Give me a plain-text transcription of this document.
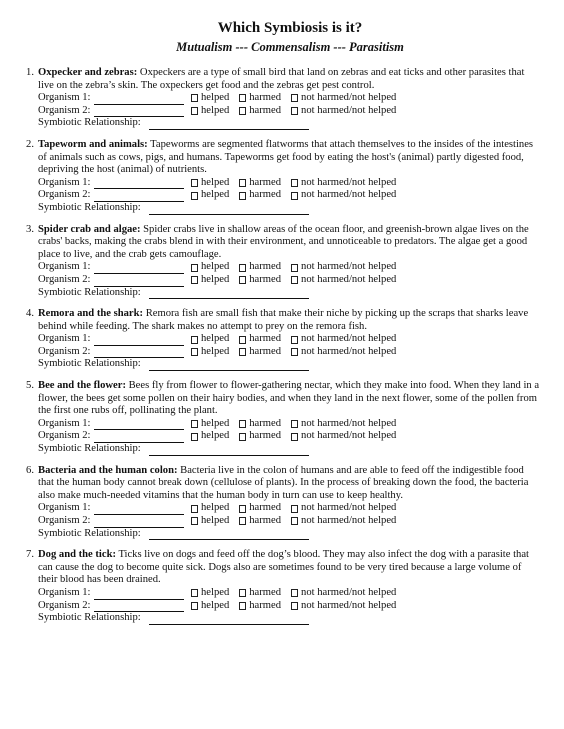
Which Symbiosis is it?
Mutualism --- Commensalism --- Parasitism
1. Oxpecker and zebras: Oxpeckers are a type of small bird that land on zebras and eat ticks and other parasites that live on the zebra’s skin. The oxpeckers get food and the zebras get pest control.
Organism 1:	helped harmed not harmed/not helped
Organism 2:	helped harmed not harmed/not helped
Symbiotic Relationship:
2. Tapeworm and animals: Tapeworms are segmented flatworms that attach themselves to the insides of the intestines of animals such as cows, pigs, and humans. Tapeworms get food by eating the host's (animal) partly digested food, depriving the host (animal) of nutrients.
Organism 1:	helped harmed not harmed/not helped
Organism 2:	helped harmed not harmed/not helped
Symbiotic Relationship:
3. Spider crab and algae: Spider crabs live in shallow areas of the ocean floor, and greenish-brown algae lives on the crabs' backs, making the crabs blend in with their environment, and unnoticeable to predators. The algae get a good place to live, and the crab gets camouflage.
Organism 1:	helped harmed not harmed/not helped
Organism 2:	helped harmed not harmed/not helped
Symbiotic Relationship:
4. Remora and the shark: Remora fish are small fish that make their niche by picking up the scraps that sharks leave behind while feeding. The shark makes no attempt to prey on the remora fish.
Organism 1:	helped harmed not harmed/not helped
Organism 2:	helped harmed not harmed/not helped
Symbiotic Relationship:
5. Bee and the flower: Bees fly from flower to flower-gathering nectar, which they make into food. When they land in a flower, the bees get some pollen on their hairy bodies, and when they land in the next flower, some of the pollen from the first one rubs off, pollinating the plant.
Organism 1:	helped harmed not harmed/not helped
Organism 2:	helped harmed not harmed/not helped
Symbiotic Relationship:
6. Bacteria and the human colon: Bacteria live in the colon of humans and are able to feed off the indigestible food that the human body cannot break down (cellulose of plants). In the process of breaking down the food, the bacteria also make much-needed vitamins that the human body in turn can use to keep healthy.
Organism 1:	helped harmed not harmed/not helped
Organism 2:	helped harmed not harmed/not helped
Symbiotic Relationship:
7. Dog and the tick: Ticks live on dogs and feed off the dog’s blood. They may also infect the dog with a parasite that can cause the dog to become quite sick. Dogs also are sometimes found to be very tired because a large volume of their blood has been drained.
Organism 1:	helped harmed not harmed/not helped
Organism 2:	helped harmed not harmed/not helped
Symbiotic Relationship:
